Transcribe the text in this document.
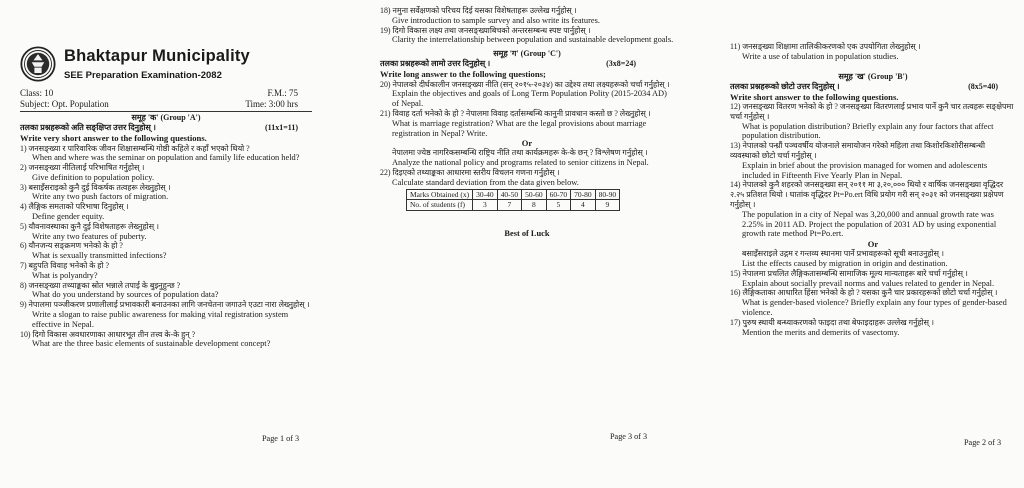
Bhaktapur Municipality
SEE Preparation Examination-2082
Class: 10	F.M.: 75
Subject: Opt. Population	Time: 3:00 hrs
समूह 'क' (Group 'A')
तलका प्रश्नहरूको अति सङ्क्षिप्त उत्तर दिनुहोस् ।	(11x1=11)
Write very short answer to the following questions.
1) जनसङ्ख्या र पारिवारिक जीवन शिक्षासम्बन्धि गोष्ठी कहिले र कहाँ भएको थियो ?
When and where was the seminar on population and family life education held?
2) जनसङ्ख्या नीतिलाई परिभाषित गर्नुहोस् ।
Give definition to population policy.
3) बसाइँसराइको कुनै दुई विकर्षक तत्वहरू लेख्नुहोस् ।
Write any two push factors of migration.
4) लैङ्गिक समताको परिभाषा दिनुहोस् ।
Define gender equity.
5) यौवनावस्थाका कुनै दुई विशेषताहरू लेख्नुहोस् ।
Write any two features of puberty.
6) यौनजन्य सङ्क्रमण भनेको के हो ?
What is sexually transmitted infections?
7) बहुपति विवाह भनेको के हो ?
What is polyandry?
8) जनसङ्ख्या तथ्याङ्कका स्रोत भन्नाले तपाई के बुझ्नुहुन्छ ?
What do you understand by sources of population data?
9) नेपालमा पञ्जीकरण प्रणालीलाई प्रभावकारी बनाउनका लागि जनचेतना जगाउने एउटा नारा लेख्नुहोस् ।
Write a slogan to raise public awareness for making vital registration system effective in Nepal.
10) दिगो विकास अवधारणाका आधारभूत तीन तत्त्व के-के हुन् ?
What are the three basic elements of sustainable development concept?
Page 1 of 3
18) नमुना सर्वेक्षणको परिचय दिई यसका विशेषताहरू उल्लेख गर्नुहोस् ।
Give introduction to sample survey and also write its features.
19) दिगो विकास लक्ष्य तथा जनसङ्ख्याबिचको अन्तरसम्बन्ध स्पष्ट पार्नुहोस् ।
Clarity the interrelationship between population and sustainable development goals.
समूह 'ग' (Group 'C')
तलका प्रश्नहरूको लामो उत्तर दिनुहोस् ।	(3x8=24)
Write long answer to the following questions;
20) नेपालको दीर्घकालीन जनसङ्ख्या नीति (सन् २०१५-२०३४) का उद्देश्य तथा लक्ष्यहरूको चर्चा गर्नुहोस् ।
Explain the objectives and goals of Long Term Population Polity (2015-2034 AD) of Nepal.
21) विवाह दर्ता भनेको के हो ? नेपालमा विवाह दर्तासम्बन्धि कानुनी प्रावधान कस्तो छ ? लेख्नुहोस् ।
What is marriage registration? What are the legal provisions about marriage registration in Nepal? Write.
Or
नेपालमा ज्येष्ठ नागरिकसम्बन्धि राष्ट्रिय नीति तथा कार्यक्रमहरू के-के छन् ? विश्लेषण गर्नुहोस् ।
Analyze the national policy and programs related to senior citizens in Nepal.
22) दिइएको तथ्याङ्कका आधारमा स्तरीय विचलन गणना गर्नुहोस् ।
Calculate standard deviation from the data given below.
Marks Obtained (x)	30-40	40-50	50-60	60-70	70-80	80-90
No. of students (f)	3	7	8	5	4	9
Best of Luck
Page 3 of 3
11) जनसङ्ख्या शिक्षामा तालिकीकरणको एक उपयोगिता लेख्नुहोस् ।
Write a use of tabulation in population studies.
समूह 'ख' (Group 'B')
तलका प्रश्नहरूको छोटो उत्तर दिनुहोस् ।	(8x5=40)
Write short answer to the following questions.
12) जनसङ्ख्या वितरण भनेको के हो ? जनसङ्ख्या वितरणलाई प्रभाव पार्ने कुनै चार तत्वहरू सङ्क्षेपमा चर्चा गर्नुहोस् ।
What is population distribution? Briefly explain any four factors that affect population distribution.
13) नेपालको पन्ध्रौं पञ्चवर्षीय योजनाले समायोजन गरेको महिला तथा किशोरकिशोरीसम्बन्धी व्यवस्थाको छोटो चर्चा गर्नुहोस् ।
Explain in brief about the provision managed for women and adolescents included in Fifteenth Five Yearly Plan in Nepal.
14) नेपालको कुनै शहरको जनसङ्ख्या सन् २०११ मा ३,२०,००० थियो र वार्षिक जनसङ्ख्या वृद्धिदर २.२५ प्रतिशत थियो । घातांक वृद्धिदर Pt=Po.ert विधि प्रयोग गरी सन् २०३१ को जनसङ्ख्या प्रक्षेपण गर्नुहोस् ।
The population in a city of Nepal was 3,20,000 and annual growth rate was 2.25% in 2011 AD. Project the population of 2031 AD by using exponential growth rate method Pt=Po.ert.
Or
बसाइँसराइले उद्गम र गन्तव्य स्थानमा पार्ने प्रभावहरूको सूची बनाउनुहोस् ।
List the effects caused by migration in origin and destination.
15) नेपालमा प्रचलित लैङ्गिकतासम्बन्धि सामाजिक मूल्य मान्यताहरू बारे चर्चा गर्नुहोस् ।
Explain about socially prevail norms and values related to gender in Nepal.
16) लैङ्गिकताका आधारित हिंसा भनेको के हो ? यसका कुनै चार प्रकारहरूको छोटो चर्चा गर्नुहोस् ।
What is gender-based violence? Briefly explain any four types of gender-based violence.
17) पुरुष स्थायी बन्ध्याकरणको फाइदा तथा बेफाइदाहरू उल्लेख गर्नुहोस् ।
Mention the merits and demerits of vasectomy.
Page 2 of 3
